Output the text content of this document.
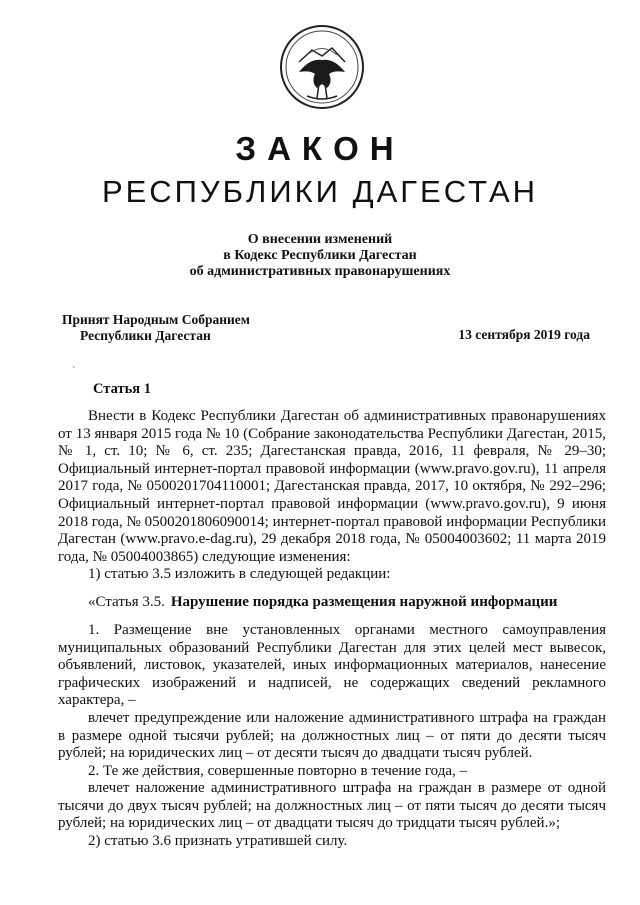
ЗАКОН
РЕСПУБЛИКИ ДАГЕСТАН
О внесении изменений
в Кодекс Республики Дагестан
об административных правонарушениях
Принят Народным Собранием
Республики Дагестан	13 сентября 2019 года
ˋ
Статья 1

Внести в Кодекс Республики Дагестан об административных правонарушениях от 13 января 2015 года № 10 (Собрание законодательства Республики Дагестан, 2015, № 1, ст. 10; № 6, ст. 235; Дагестанская правда, 2016, 11 февраля, № 29–30; Официальный интернет-портал правовой информации (www.pravo.gov.ru), 11 апреля 2017 года, № 0500201704110001; Дагестанская правда, 2017, 10 октября, № 292–296; Официальный интернет-портал правовой информации (www.pravo.gov.ru), 9 июня 2018 года, № 0500201806090014; интернет-портал правовой информации Республики Дагестан (www.pravo.e-dag.ru), 29 декабря 2018 года, № 05004003602; 11 марта 2019 года, № 05004003865) следующие изменения:

1) статью 3.5 изложить в следующей редакции:

«Статья 3.5. Нарушение порядка размещения наружной информации

1. Размещение вне установленных органами местного самоуправления муниципальных образований Республики Дагестан для этих целей мест вывесок, объявлений, листовок, указателей, иных информационных материалов, нанесение графических изображений и надписей, не содержащих сведений рекламного характера, –

влечет предупреждение или наложение административного штрафа на граждан в размере одной тысячи рублей; на должностных лиц – от пяти до десяти тысяч рублей; на юридических лиц – от десяти тысяч до двадцати тысяч рублей.

2. Те же действия, совершенные повторно в течение года, –

влечет наложение административного штрафа на граждан в размере от одной тысячи до двух тысяч рублей; на должностных лиц – от пяти тысяч до десяти тысяч рублей; на юридических лиц – от двадцати тысяч до тридцати тысяч рублей.»;

2) статью 3.6 признать утратившей силу.
